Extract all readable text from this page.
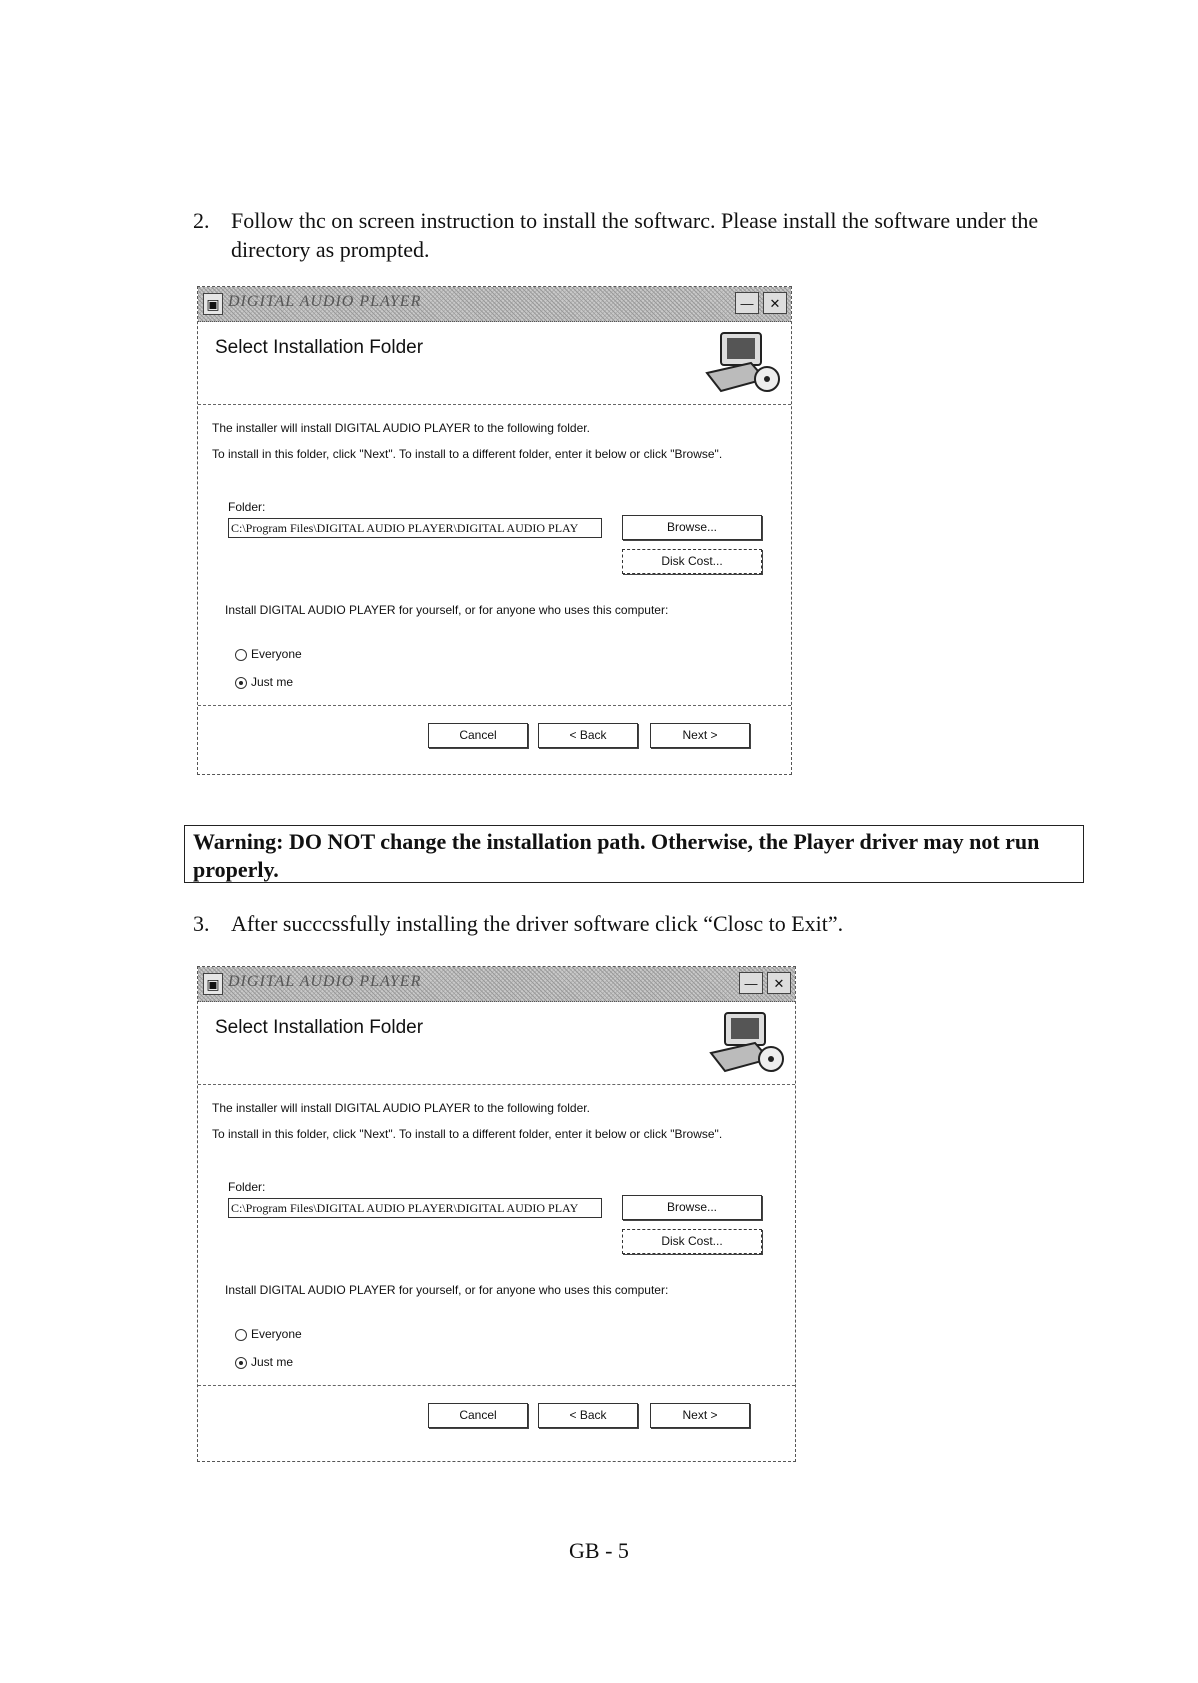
2. Follow thc on screen instruction to install the softwarc. Please install the software under the directory as prompted.
▣ DIGITAL AUDIO PLAYER	—	✕
Select Installation Folder
The installer will install DIGITAL AUDIO PLAYER to the following folder.
To install in this folder, click "Next". To install to a different folder, enter it below or click "Browse".
Folder:
C:\Program Files\DIGITAL AUDIO PLAYER\DIGITAL AUDIO PLAY	Browse...
Disk Cost...
Install DIGITAL AUDIO PLAYER for yourself, or for anyone who uses this computer:
Everyone
Just me
Cancel	< Back	Next >
Warning: DO NOT change the installation path. Otherwise, the Player driver may not run properly.
3. After succcssfully installing the driver software click “Closc to Exit”.
▣ DIGITAL AUDIO PLAYER	—	✕
Select Installation Folder
The installer will install DIGITAL AUDIO PLAYER to the following folder.
To install in this folder, click "Next". To install to a different folder, enter it below or click "Browse".
Folder:
C:\Program Files\DIGITAL AUDIO PLAYER\DIGITAL AUDIO PLAY	Browse...
Disk Cost...
Install DIGITAL AUDIO PLAYER for yourself, or for anyone who uses this computer:
Everyone
Just me
Cancel	< Back	Next >
GB - 5
